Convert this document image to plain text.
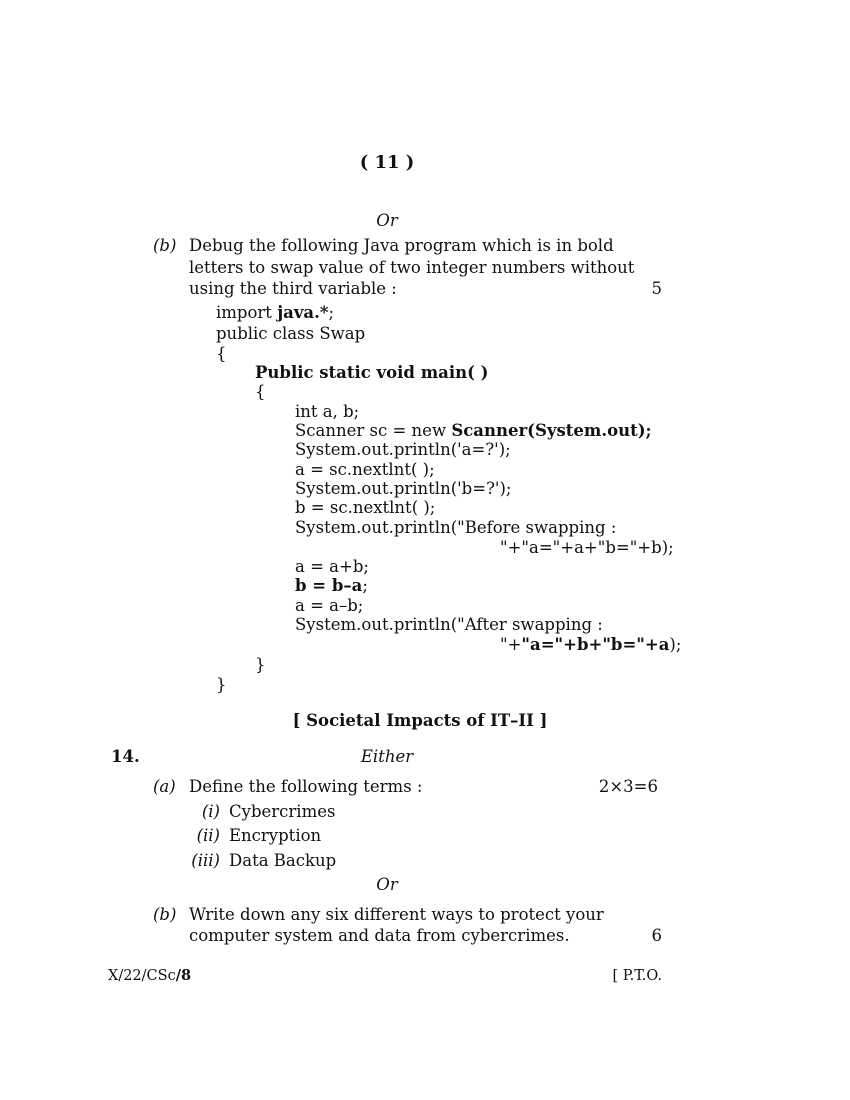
( 11 )
Or
(b) Debug the following Java program which is in bold
letters to swap value of two integer numbers without
using the third variable :	5
import java.*;
public class Swap
{
Public static void main( )
{
int a, b;
Scanner sc = new Scanner(System.out);
System.out.println('a=?');
a = sc.nextlnt( );
System.out.println('b=?');
b = sc.nextlnt( );
System.out.println("Before swapping :
"+"a="+a+"b="+b);
a = a+b;
b = b–a;
a = a–b;
System.out.println("After swapping :
"+"a="+b+"b="+a);
}
}
[ Societal Impacts of IT–II ]
14.	Either
(a) Define the following terms :	2×3=6
(i) Cybercrimes
(ii) Encryption
(iii) Data Backup
Or
(b) Write down any six different ways to protect your
computer system and data from cybercrimes.	6
X/22/CSc/8	[ P.T.O.
